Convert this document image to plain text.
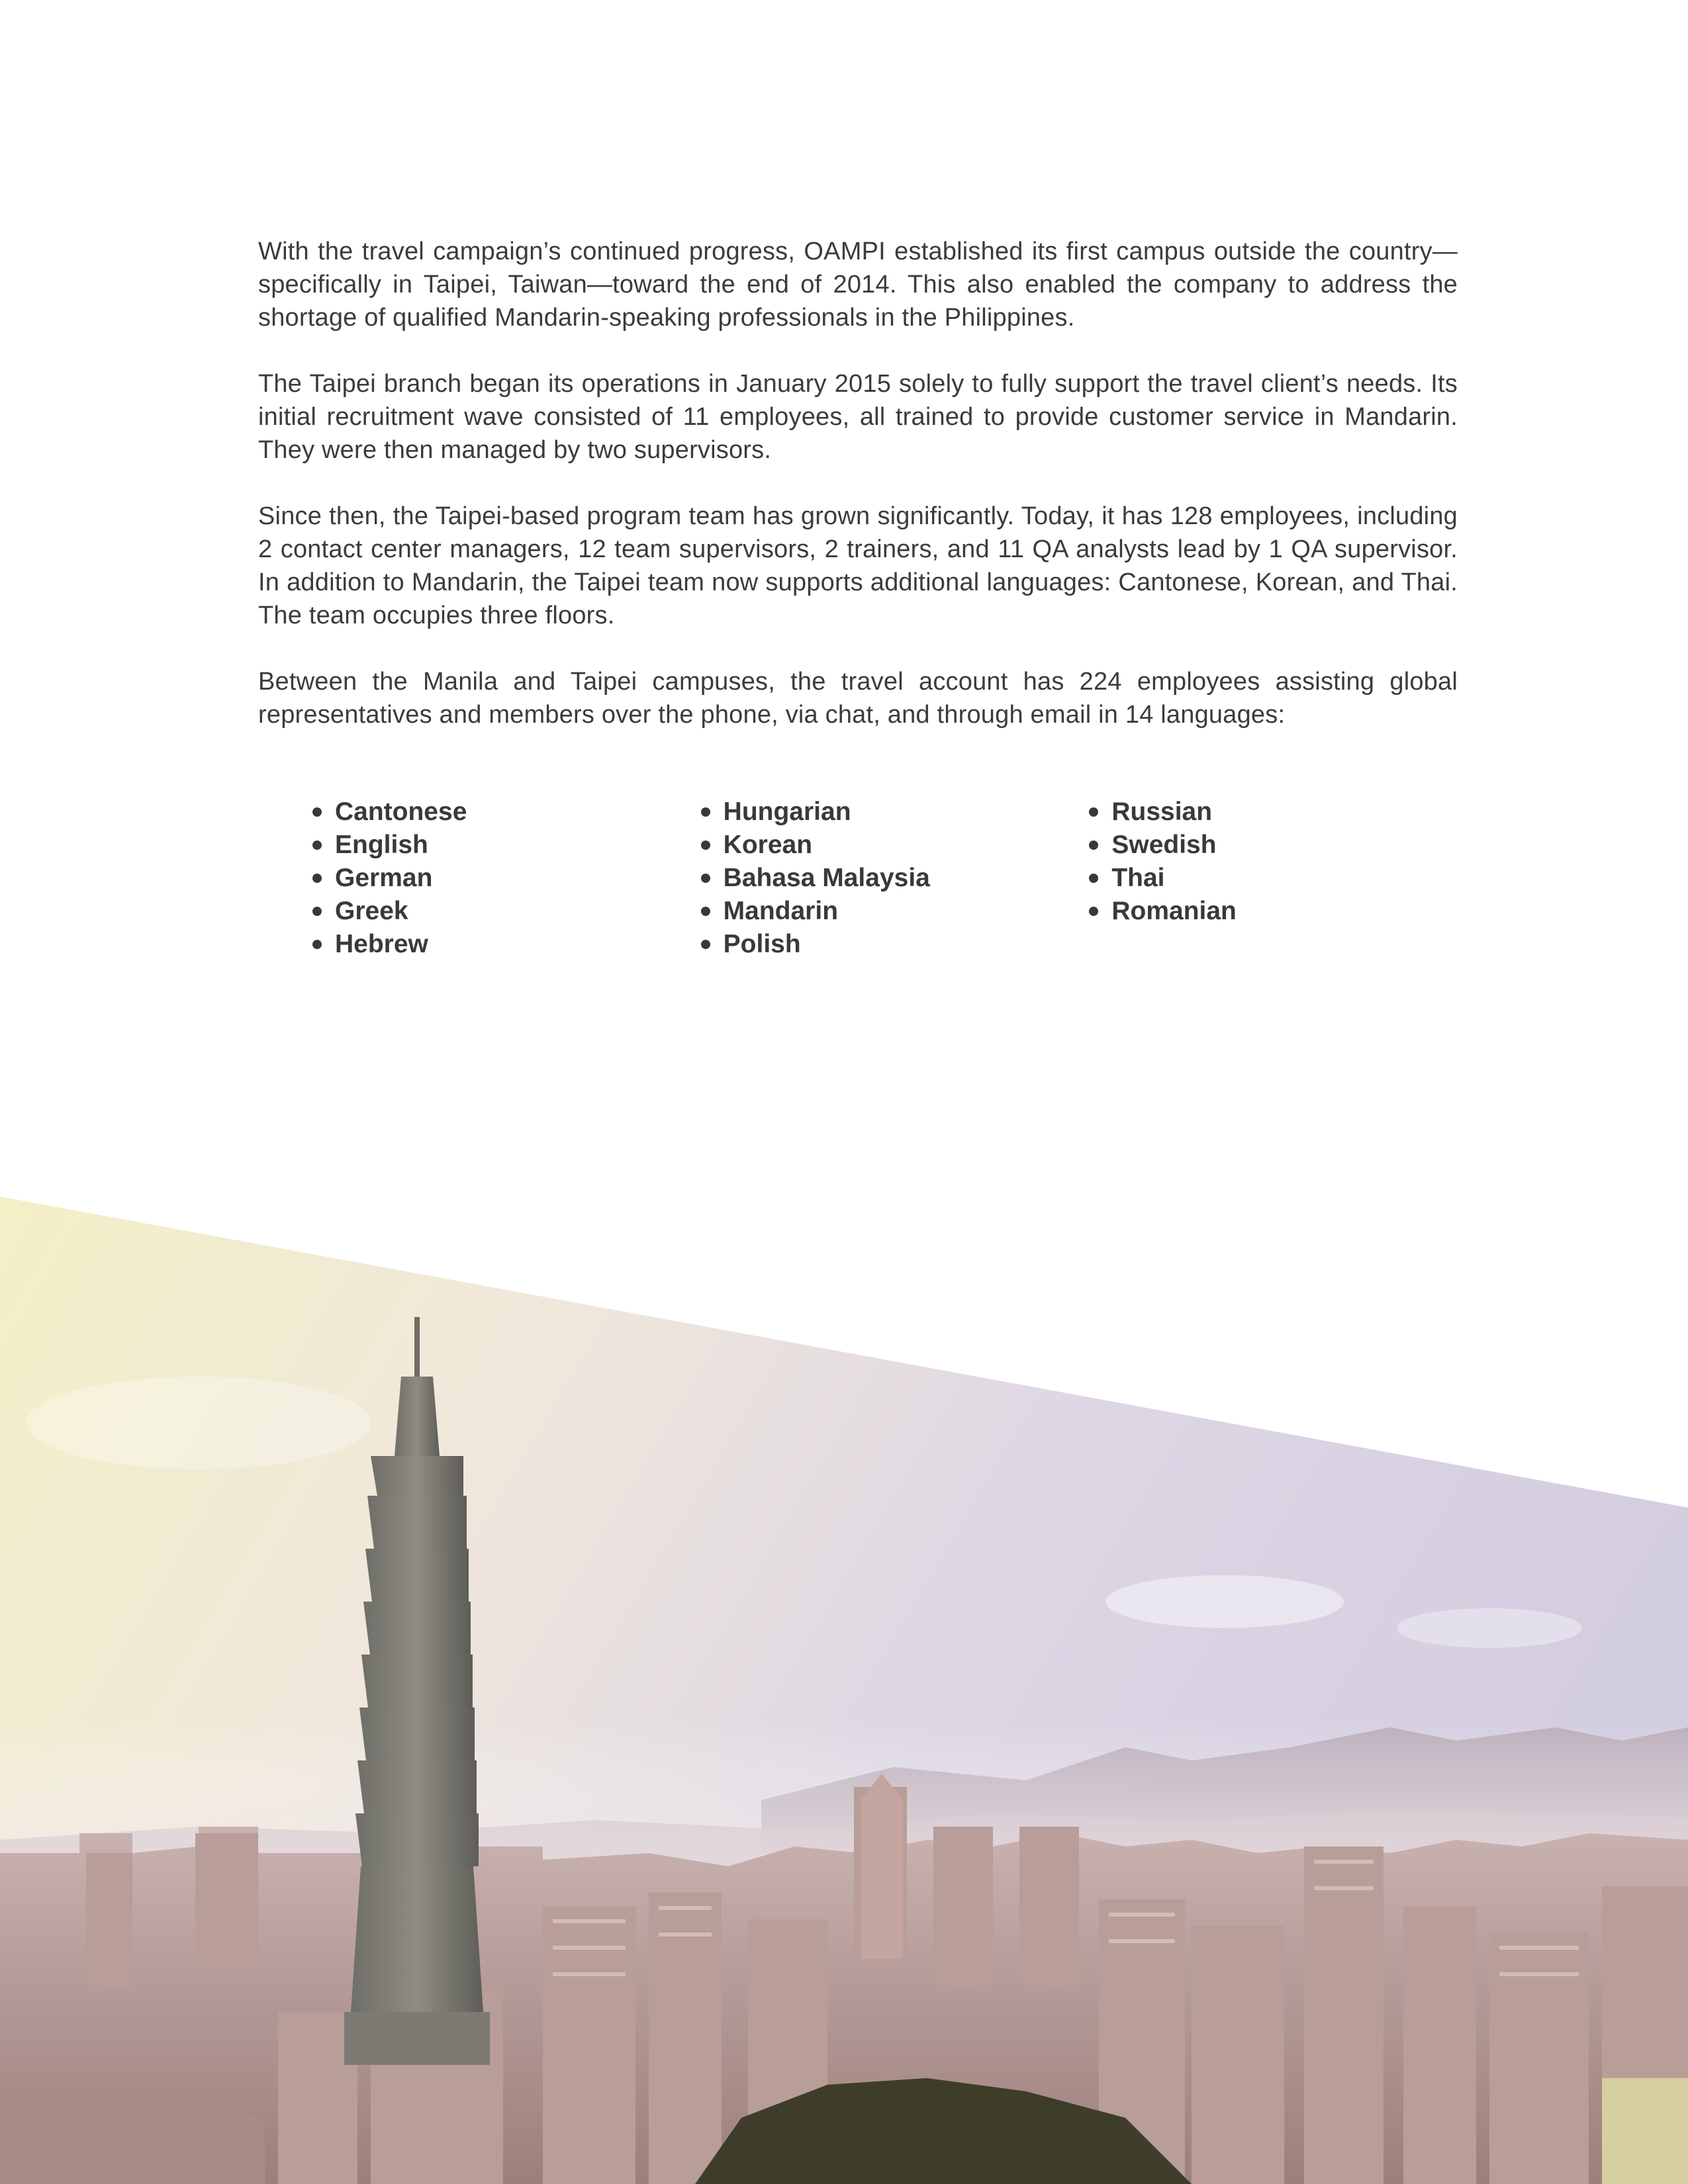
With the travel campaign’s continued progress, OAMPI established its first campus outside the country—specifically in Taipei, Taiwan—toward the end of 2014. This also enabled the company to address the shortage of qualified Mandarin-speaking professionals in the Philippines.

The Taipei branch began its operations in January 2015 solely to fully support the travel client’s needs. Its initial recruitment wave consisted of 11 employees, all trained to provide customer service in Mandarin. They were then managed by two supervisors.

Since then, the Taipei-based program team has grown significantly. Today, it has 128 employees, including 2 contact center managers, 12 team supervisors, 2 trainers, and 11 QA analysts lead by 1 QA supervisor. In addition to Mandarin, the Taipei team now supports additional languages: Cantonese, Korean, and Thai. The team occupies three floors.

Between the Manila and Taipei campuses, the travel account has 224 employees assisting global representatives and members over the phone, via chat, and through email in 14 languages:

Cantonese
English
German
Greek
Hebrew
Hungarian
Korean
Bahasa Malaysia
Mandarin
Polish
Russian
Swedish
Thai
Romanian
